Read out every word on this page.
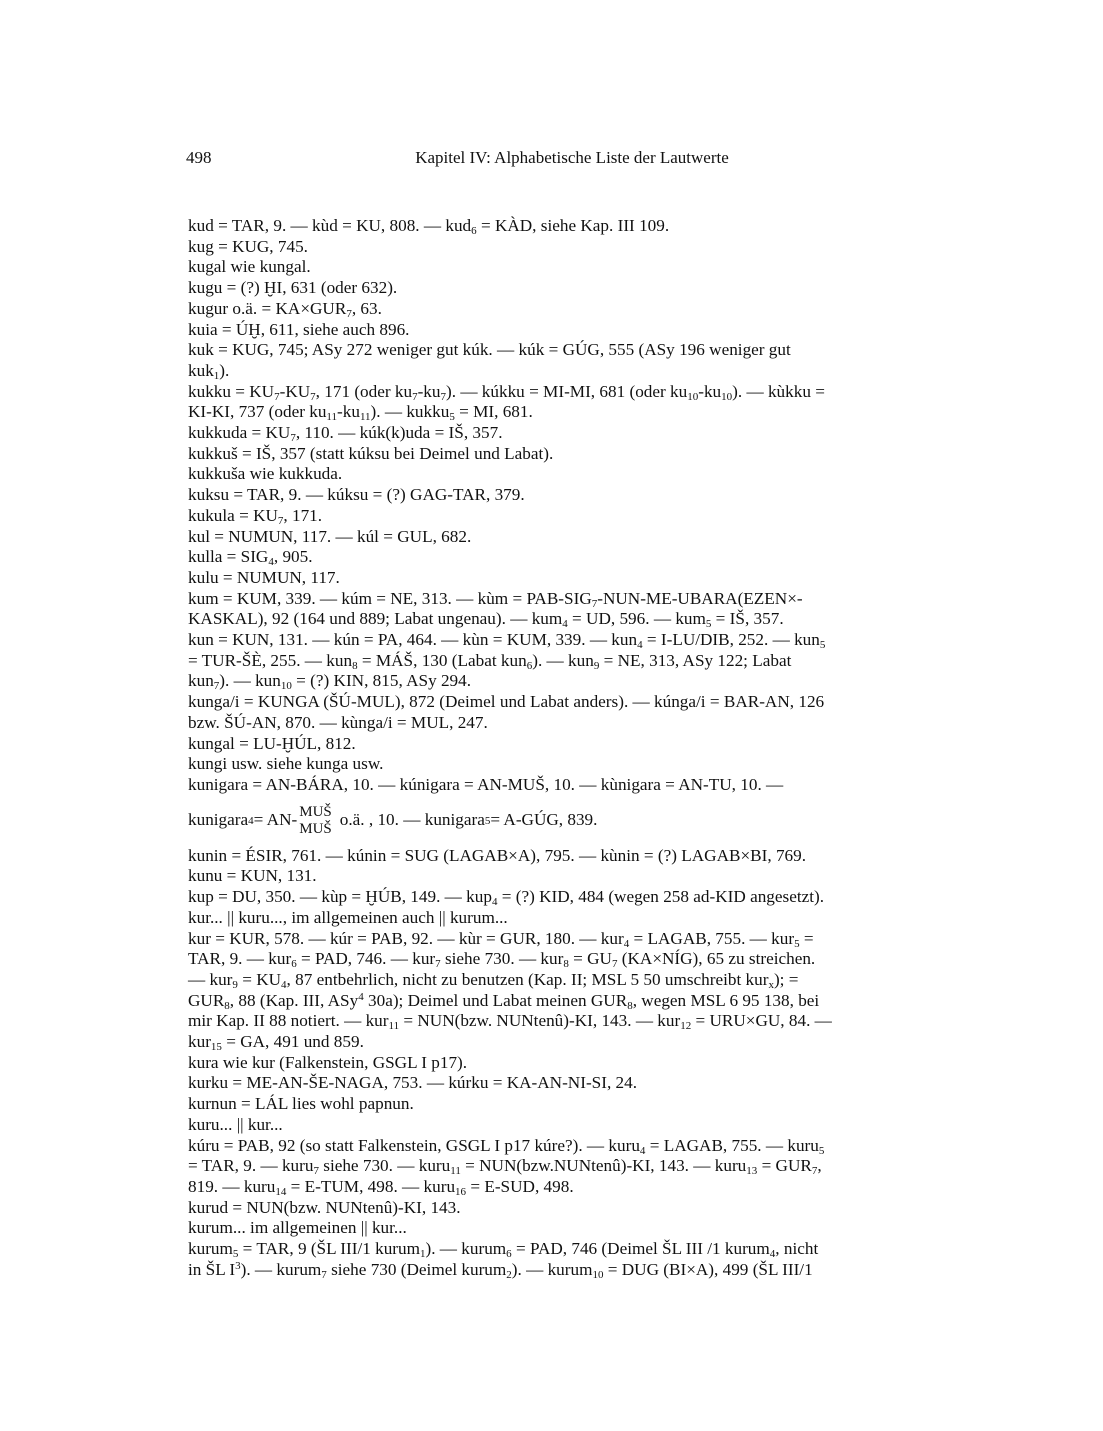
498	Kapitel IV: Alphabetische Liste der Lautwerte
kud = TAR, 9. — kùd = KU, 808. — kud$_6$ = KÀD, siehe Kap. III 109.
kug = KUG, 745.
kugal wie kungal.
kugu = (?) ḪI, 631 (oder 632).
kugur o.ä. = $KA\times GUR_7$, 63.
kuia = ÚḪ, 611, siehe auch 896.
kuk = KUG, 745; ASy 272 weniger gut kúk. — kúk = GÚG, 555 (ASy 196 weniger gut
kuk$_1$).
kukku = $KU_7-KU_7$, 171 (oder $ku_7-ku_7$). — kúkku = MI-MI, 681 (oder $ku_{10}-ku_{10}$). — kùkku =
KI-KI, 737 (oder $ku_{11}-ku_{11}$). — kukku$_5$ = MI, 681.
kukkuda = $KU_7$, 110. — kúk(k)uda = IŠ, 357.
kukkuš = IŠ, 357 (statt kúksu bei Deimel und Labat).
kukkuša wie kukkuda.
kuksu = TAR, 9. — kúksu = (?) GAG-TAR, 379.
kukula = $KU_7$, 171.
kul = NUMUN, 117. — kúl = GUL, 682.
kulla = $SIG_4$, 905.
kulu = NUMUN, 117.
kum = KUM, 339. — kúm = NE, 313. — kùm = PAB-$SIG_7-NUN-ME-UBARA(EZEN\times-$
KASKAL), 92 (164 und 889; Labat ungenau). — kum$_4$ = UD, 596. — kum$_5$ = IŠ, 357.
kun = KUN, 131. — kún = PA, 464. — kùn = KUM, 339. — kun$_4$ = I-LU/DIB, 252. — kun$_5$
= TUR-ŠÈ, 255. — kun$_8$ = MÁŠ, 130 (Labat kun$_6$). — kun$_9$ = NE, 313, ASy 122; Labat
kun$_7$). — kun$_{10}$ = (?) KIN, 815, ASy 294.
kunga/i = KUNGA (ŠÚ-MUL), 872 (Deimel und Labat anders). — kúnga/i = BAR-AN, 126
bzw. ŠÚ-AN, 870. — kùnga/i = MUL, 247.
kungal = LU-ḪÚL, 812.
kungi usw. siehe kunga usw.
kunigara = AN-BÁRA, 10. — kúnigara = AN-MUŠ, 10. — kùnigara = AN-TU, 10. —
kunigara 4 = AN- MUŠ
MUŠ o.ä. , 10. — kunigara 5 = A-GÚG, 839.
kunin = ÉSIR, 761. — kúnin = SUG (LAGAB×A), 795. — kùnin = (?) LAGAB×BI, 769.
kunu = KUN, 131.
kup = DU, 350. — kùp = ḪÚB, 149. — kup$_4$ = (?) KID, 484 (wegen 258 ad-KID angesetzt).
kur... || kuru..., im allgemeinen auch || kurum...
kur = KUR, 578. — kúr = PAB, 92. — kùr = GUR, 180. — kur$_4$ = LAGAB, 755. — kur$_5$ =
TAR, 9. — kur$_6$ = PAD, 746. — kur$_7$ siehe 730. — $kur_8 = GU_7$ (KA×NÍG), 65 zu streichen.
— $kur_9 = KU_4$, 87 entbehrlich, nicht zu benutzen (Kap. II; MSL 5 50 umschreibt kur$_x$); =
$GUR_8$, 88 (Kap. III, ASy$^4$ 30a); Deimel und Labat meinen $GUR_8$, wegen MSL 6 95 138, bei
mir Kap. II 88 notiert. — kur$_{11}$ = NUN(bzw. NUNtenû)-KI, 143. — kur$_{12}$ = URU×GU, 84. —
kur$_{15}$ = GA, 491 und 859.
kura wie kur (Falkenstein, GSGL I p17).
kurku = ME-AN-ŠE-NAGA, 753. — kúrku = KA-AN-NI-SI, 24.
kurnun = LÁL lies wohl papnun.
kuru... || kur...
kúru = PAB, 92 (so statt Falkenstein, GSGL I p17 kúre?). — kuru$_4$ = LAGAB, 755. — kuru$_5$
= TAR, 9. — kuru$_7$ siehe 730. — kuru$_{11}$ = NUN(bzw.NUNtenû)-KI, 143. — kuru$_{13}$ = $GUR_7$,
819. — kuru$_{14}$ = E-TUM, 498. — kuru$_{16}$ = E-SUD, 498.
kurud = NUN(bzw. NUNtenû)-KI, 143.
kurum... im allgemeinen || kur...
kurum$_5$ = TAR, 9 (ŠL III/1 kurum$_1$). — kurum$_6$ = PAD, 746 (Deimel ŠL III /1 kurum$_4$, nicht
in ŠL $I^3$). — kurum$_7$ siehe 730 (Deimel kurum$_2$). — kurum$_{10}$ = DUG (BI×A), 499 (ŠL III/1
